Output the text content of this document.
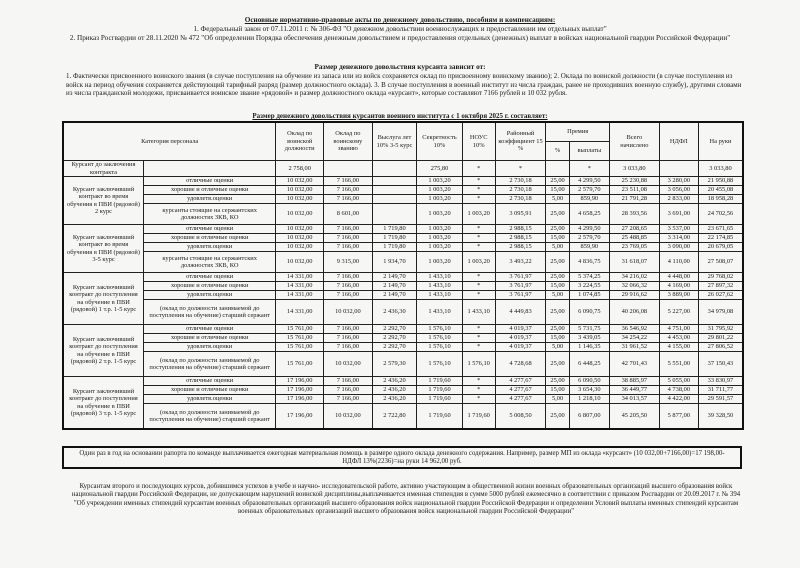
Основные нормативно-правовые акты по денежному довольствию, пособиям и компенсациям:
1. Федеральный закон от 07.11.2011 г. № 306-ФЗ "О денежном довольствии военнослужащих и предоставлении им отдельных выплат"
2. Приказ Росгвардии от 28.11.2020 № 472 "Об определении Порядка обеспечения денежным довольствием и предоставления отдельных (денежных) выплат в войсках национальной гвардии Российской Федерации"
Размер денежного довольствия курсанта зависит от:
1. Фактически присвоенного воинского звания (в случае поступления на обучение из запаса или из войск сохраняется оклад по присвоенному воинскому званию); 2. Оклада по воинской должности (в случае поступления из войск на период обучения сохраняется действующий тарифный разряд (размер должностного оклада). 3. В случае поступления в военный институт из числа граждан, ранее не проходивших военную службу), другими словами из числа гражданской молодежи, присваивается воинское звание «рядовой» и размер должностного оклада «курсант», которые составляют 7166 рублей и 10 032 рубля.
Размер денежного довольствия курсантов военного института с 1 октября 2025 г. составляет:
Категория персонала		Оклад по воинской должности	Оклад по воинскому званию	Выслуга лет 10% 3-5 курс	Секретность 10%	НОУС 10%	Районный коэффициент 15 %	Премия		Всего начислено	НДФЛ	На руки
								%	выплаты			
Курсант до заключения контракта		2 758,00			275,80	*	*		*	3 033,80		3 033,80
Курсант заключивший контракт во время обучения в ПВИ (рядовой) 2 курс	отличные оценки	10 032,00	7 166,00		1 003,20	*	2 730,18	25,00	4 299,50	25 230,88	3 280,00	21 950,88
	хорошие и отличные оценки	10 032,00	7 166,00		1 003,20	*	2 730,18	15,00	2 579,70	23 511,08	3 056,00	20 455,08
	удовлетв.оценки	10 032,00	7 166,00		1 003,20	*	2 730,18	5,00	859,90	21 791,28	2 833,00	18 958,28
	курсанты стоящие на сержантских должностях ЗКВ, КО	10 032,00	8 601,00		1 003,20	1 003,20	3 095,91	25,00	4 658,25	28 393,56	3 691,00	24 702,56
Курсант заключивший контракт во время обучения в ПВИ (рядовой) 3-5 курс	отличные оценки	10 032,00	7 166,00	1 719,80	1 003,20	*	2 988,15	25,00	4 299,50	27 208,65	3 537,00	23 671,65
	хорошие и отличные оценки	10 032,00	7 166,00	1 719,80	1 003,20	*	2 988,15	15,00	2 579,70	25 488,85	3 314,00	22 174,85
	удовлетв.оценки	10 032,00	7 166,00	1 719,80	1 003,20	*	2 988,15	5,00	859,90	23 769,05	3 090,00	20 679,05
	курсанты стоящие на сержантских должностях ЗКВ, КО	10 032,00	9 315,00	1 934,70	1 003,20	1 003,20	3 493,22	25,00	4 836,75	31 618,07	4 110,00	27 508,07
Курсант заключивший контракт до поступления на обучение в ПВИ (рядовой) 1 т.р. 1-5 курс	отличные оценки	14 331,00	7 166,00	2 149,70	1 433,10	*	3 761,97	25,00	5 374,25	34 216,02	4 448,00	29 768,02
	хорошие и отличные оценки	14 331,00	7 166,00	2 149,70	1 433,10	*	3 761,97	15,00	3 224,55	32 066,32	4 169,00	27 897,32
	удовлетв.оценки	14 331,00	7 166,00	2 149,70	1 433,10	*	3 761,97	5,00	1 074,85	29 916,62	3 889,00	26 027,62
	(оклад по должности занимаемой до поступления на обучение) старший сержант	14 331,00	10 032,00	2 436,30	1 433,10	1 433,10	4 449,83	25,00	6 090,75	40 206,08	5 227,00	34 979,08
Курсант заключивший контракт до поступления на обучение в ПВИ (рядовой) 2 т.р. 1-5 курс	отличные оценки	15 761,00	7 166,00	2 292,70	1 576,10	*	4 019,37	25,00	5 731,75	36 546,92	4 751,00	31 795,92
	хорошие и отличные оценки	15 761,00	7 166,00	2 292,70	1 576,10	*	4 019,37	15,00	3 439,05	34 254,22	4 453,00	29 801,22
	удовлетв.оценки	15 761,00	7 166,00	2 292,70	1 576,10	*	4 019,37	5,00	1 146,35	31 961,52	4 155,00	27 806,52
	(оклад по должности занимаемой до поступления на обучение) старший сержант	15 761,00	10 032,00	2 579,30	1 576,10	1 576,10	4 728,68	25,00	6 448,25	42 701,43	5 551,00	37 150,43
Курсант заключивший контракт до поступления на обучение в ПВИ (рядовой) 3 т.р. 1-5 курс	отличные оценки	17 196,00	7 166,00	2 436,20	1 719,60	*	4 277,67	25,00	6 090,50	38 885,97	5 055,00	33 830,97
	хорошие и отличные оценки	17 196,00	7 166,00	2 436,20	1 719,60	*	4 277,67	15,00	3 654,30	36 449,77	4 738,00	31 711,77
	удовлетв.оценки	17 196,00	7 166,00	2 436,20	1 719,60	*	4 277,67	5,00	1 218,10	34 013,57	4 422,00	29 591,57
	(оклад по должности занимаемой до поступления на обучение) старший сержант	17 196,00	10 032,00	2 722,80	1 719,60	1 719,60	5 008,50	25,00	6 807,00	45 205,50	5 877,00	39 328,50
Один раз в год на основании рапорта по команде выплачивается ежегодная материальная помощь в размере одного оклада денежного содержания. Например, размер МП из оклада «курсант» (10 032,00+7166,00)=17 198,00-НДФЛ 13%(2236)=на руки 14 962,00 руб.
Курсантам второго и последующих курсов, добившимся успехов в учебе и научно- исследовательской работе, активно участвующим в общественной жизни военных образовательных организаций высшего образования войск национальной гвардии Российской Федерации, не допускающим нарушений воинской дисциплины,выплачивается именная стипендия в сумме 5000 рублей ежемесячно в соответствии с приказом Росгвардии от 20.09.2017 г. № 394 "Об учреждении именных стипендий курсантам военных образовательных организаций высшего образования войск национальной гвардии Российской Федерации и определении Условий выплаты именных стипендий курсантам военных образовательных организаций высшего образования войск национальной гвардии Российской Федерации"
